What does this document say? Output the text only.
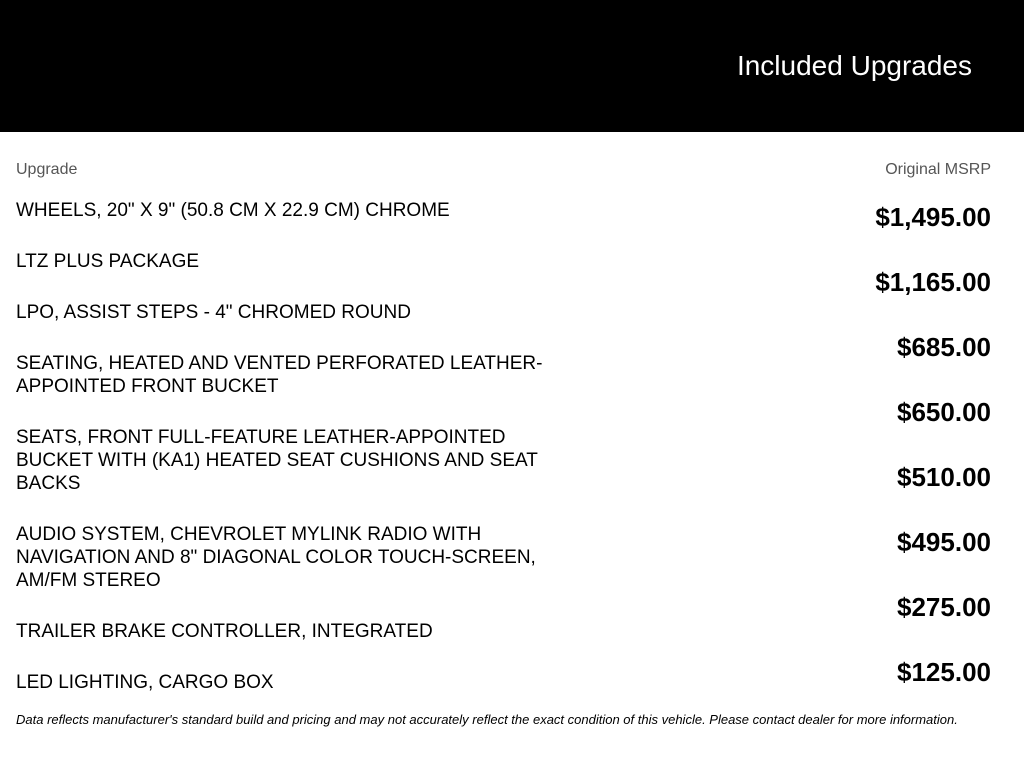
Included Upgrades
Upgrade	Original MSRP
WHEELS, 20" X 9" (50.8 CM X 22.9 CM) CHROME
LTZ PLUS PACKAGE
LPO, ASSIST STEPS - 4" CHROMED ROUND
SEATING, HEATED AND VENTED PERFORATED LEATHER-APPOINTED FRONT BUCKET
SEATS, FRONT FULL-FEATURE LEATHER-APPOINTED BUCKET WITH (KA1) HEATED SEAT CUSHIONS AND SEAT BACKS
AUDIO SYSTEM, CHEVROLET MYLINK RADIO WITH NAVIGATION AND 8" DIAGONAL COLOR TOUCH-SCREEN, AM/FM STEREO
TRAILER BRAKE CONTROLLER, INTEGRATED
LED LIGHTING, CARGO BOX
$1,495.00
$1,165.00
$685.00
$650.00
$510.00
$495.00
$275.00
$125.00
Data reflects manufacturer's standard build and pricing and may not accurately reflect the exact condition of this vehicle. Please contact dealer for more information.
